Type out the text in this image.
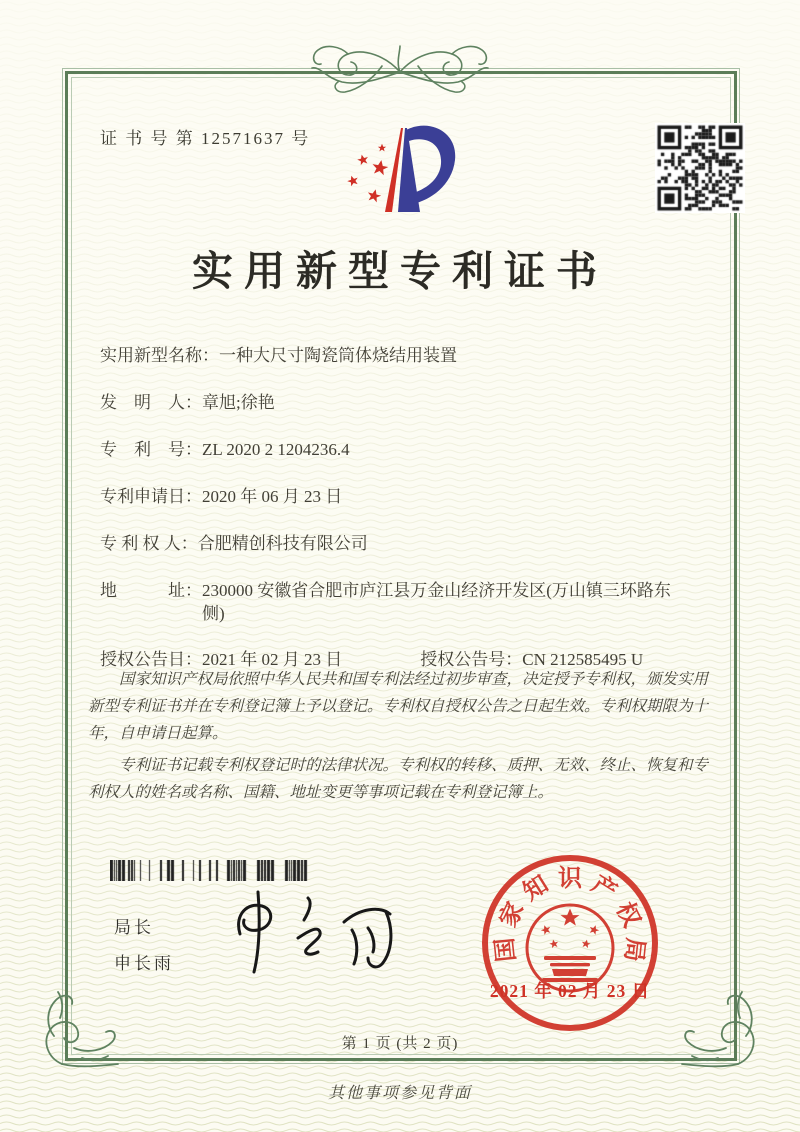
证 书 号 第 12571637 号
实用新型专利证书
实用新型名称： 一种大尺寸陶瓷筒体烧结用装置
发　明　人： 章旭;徐艳
专　利　号： ZL 2020 2 1204236.4
专利申请日： 2020 年 06 月 23 日
专 利 权 人： 合肥精创科技有限公司
地　　　址： 230000 安徽省合肥市庐江县万金山经济开发区(万山镇三环路东侧)
授权公告日： 2021 年 02 月 23 日	授权公告号： CN 212585495 U

国家知识产权局依照中华人民共和国专利法经过初步审查，决定授予专利权，颁发实用新型专利证书并在专利登记簿上予以登记。专利权自授权公告之日起生效。专利权期限为十年，自申请日起算。

专利证书记载专利权登记时的法律状况。专利权的转移、质押、无效、终止、恢复和专利权人的姓名或名称、国籍、地址变更等事项记载在专利登记簿上。

局长
申长雨
国
家
知 识 产
权
局
2021 年 02 月 23 日
第 1 页 (共 2 页)
其他事项参见背面
